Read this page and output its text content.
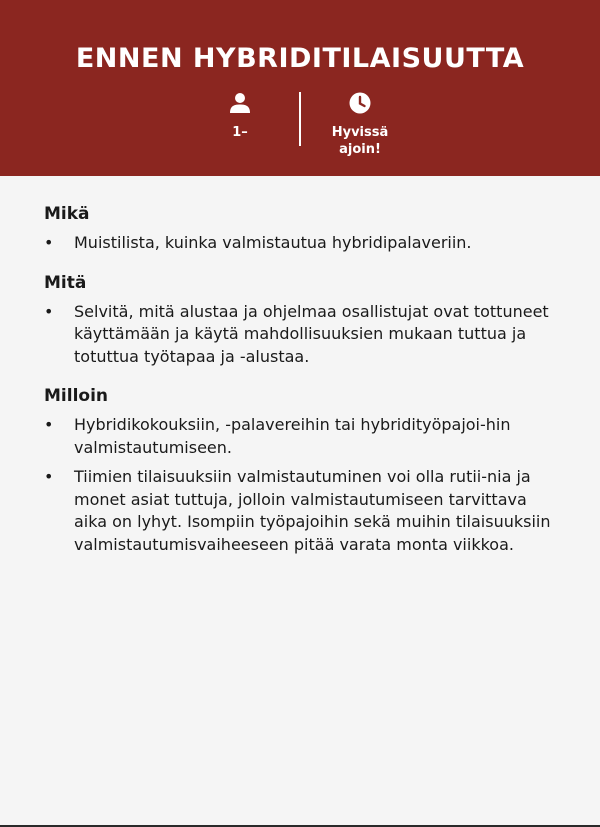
ENNEN HYBRIDITILAISUUTTA
1–	Hyvissä
ajoin!
Mikä
• Muistilista, kuinka valmistautua hybridipalaveriin.
Mitä
• Selvitä, mitä alustaa ja ohjelmaa osallistujat ovat tottuneet käyttämään ja käytä mahdollisuuksien mukaan tuttua ja totuttua työtapaa ja -alustaa.
Milloin
• Hybridikokouksiin, -palavereihin tai hybridityöpajoi-hin valmistautumiseen.
• Tiimien tilaisuuksiin valmistautuminen voi olla rutii-nia ja monet asiat tuttuja, jolloin valmistautumiseen tarvittava aika on lyhyt. Isompiin työpajoihin sekä muihin tilaisuuksiin valmistautumisvaiheeseen pitää varata monta viikkoa.
